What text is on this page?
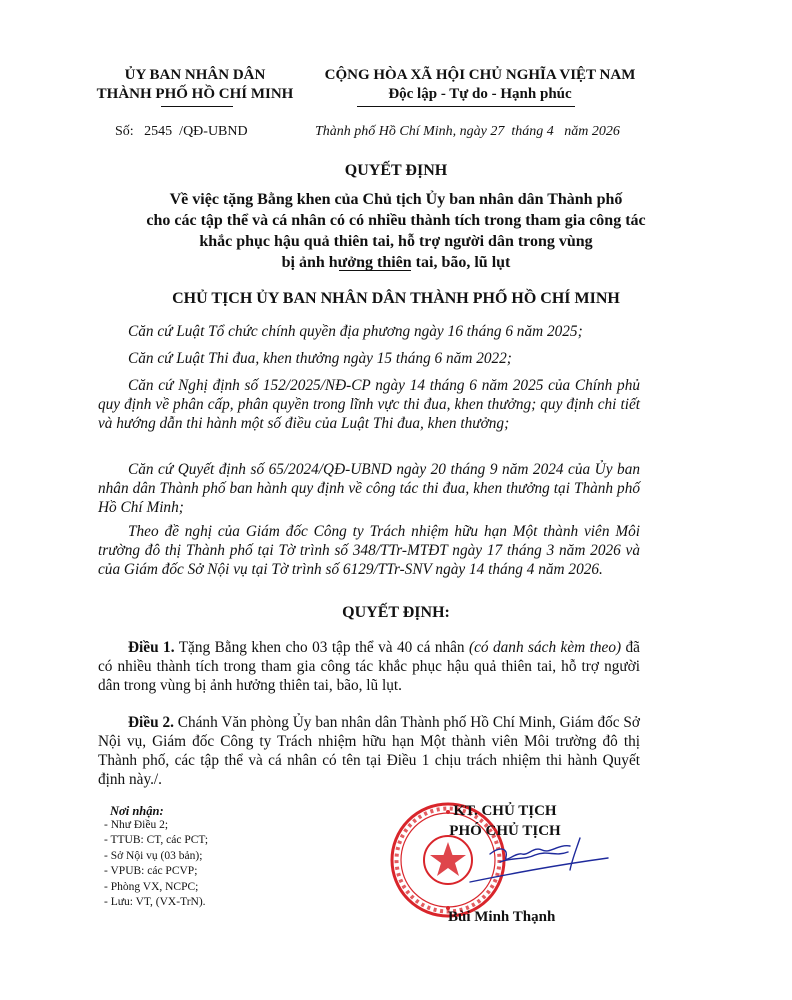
ỦY BAN NHÂN DÂN
THÀNH PHỐ HỒ CHÍ MINH
CỘNG HÒA XÃ HỘI CHỦ NGHĨA VIỆT NAM
Độc lập - Tự do - Hạnh phúc
Số:   2545  /QĐ-UBND	Thành phố Hồ Chí Minh, ngày 27  tháng 4   năm 2026
QUYẾT ĐỊNH
Về việc tặng Bằng khen của Chủ tịch Ủy ban nhân dân Thành phố
cho các tập thể và cá nhân có có nhiều thành tích trong tham gia công tác
khắc phục hậu quả thiên tai, hỗ trợ người dân trong vùng
bị ảnh hưởng thiên tai, bão, lũ lụt
CHỦ TỊCH ỦY BAN NHÂN DÂN THÀNH PHỐ HỒ CHÍ MINH
Căn cứ Luật Tổ chức chính quyền địa phương ngày 16 tháng 6 năm 2025;
Căn cứ Luật Thi đua, khen thưởng ngày 15 tháng 6 năm 2022;
Căn cứ Nghị định số 152/2025/NĐ-CP ngày 14 tháng 6 năm 2025 của Chính phủ quy định về phân cấp, phân quyền trong lĩnh vực thi đua, khen thưởng; quy định chi tiết và hướng dẫn thi hành một số điều của Luật Thi đua, khen thưởng;
Căn cứ Quyết định số 65/2024/QĐ-UBND ngày 20 tháng 9 năm 2024 của Ủy ban nhân dân Thành phố ban hành quy định về công tác thi đua, khen thưởng tại Thành phố Hồ Chí Minh;
Theo đề nghị của Giám đốc Công ty Trách nhiệm hữu hạn Một thành viên Môi trường đô thị Thành phố tại Tờ trình số 348/TTr-MTĐT ngày 17 tháng 3 năm 2026 và của Giám đốc Sở Nội vụ tại Tờ trình số 6129/TTr-SNV ngày 14 tháng 4 năm 2026.
QUYẾT ĐỊNH:
Điều 1. Tặng Bằng khen cho 03 tập thể và 40 cá nhân (có danh sách kèm theo) đã có nhiều thành tích trong tham gia công tác khắc phục hậu quả thiên tai, hỗ trợ người dân trong vùng bị ảnh hưởng thiên tai, bão, lũ lụt.
Điều 2. Chánh Văn phòng Ủy ban nhân dân Thành phố Hồ Chí Minh, Giám đốc Sở Nội vụ, Giám đốc Công ty Trách nhiệm hữu hạn Một thành viên Môi trường đô thị Thành phố, các tập thể và cá nhân có tên tại Điều 1 chịu trách nhiệm thi hành Quyết định này./.
Nơi nhận:
- Như Điều 2;
- TTUB: CT, các PCT;
- Sở Nội vụ (03 bản);
- VPUB: các PCVP;
- Phòng VX, NCPC;
- Lưu: VT, (VX-TrN).
KT. CHỦ TỊCH
PHÓ CHỦ TỊCH
Bùi Minh Thạnh
